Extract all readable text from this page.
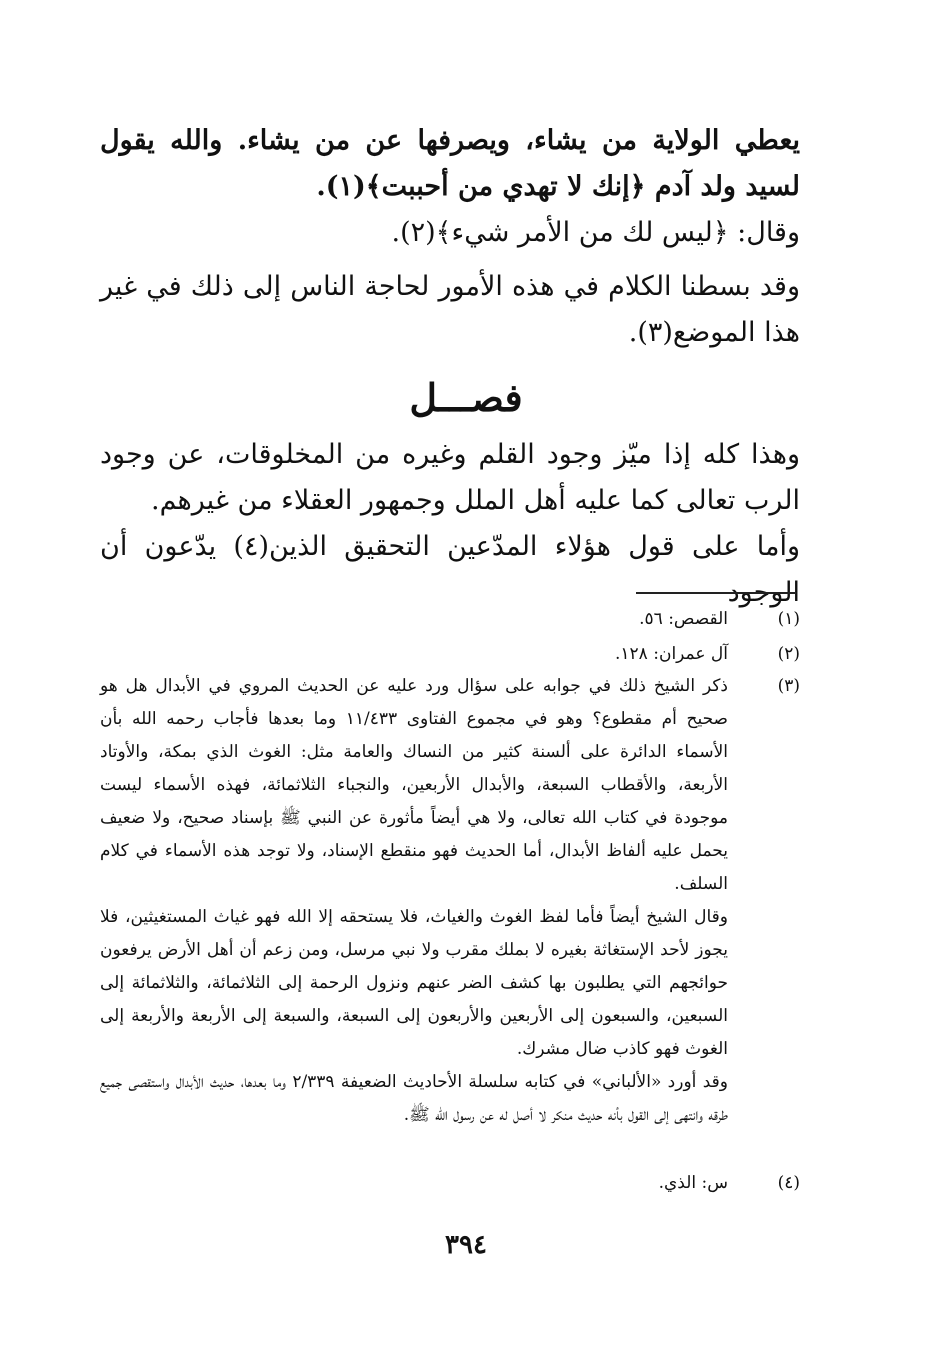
يعطي الولاية من يشاء، ويصرفها عن من يشاء. والله يقول لسيد ولد آدم ﴿إنك لا تهدي من أحببت﴾(١).
وقال: ﴿ليس لك من الأمر شيء﴾(٢).
وقد بسطنا الكلام في هذه الأمور لحاجة الناس إلى ذلك في غير هذا الموضع(٣).
فصـــل
وهذا كله إذا ميّز وجود القلم وغيره من المخلوقات، عن وجود الرب تعالى كما عليه أهل الملل وجمهور العقلاء من غيرهم.
وأما على قول هؤلاء المدّعين التحقيق الذين(٤) يدّعون أن الوجود
(١)

القصص: ٥٦.

(٢)

آل عمران: ١٢٨.

(٣)

ذكر الشيخ ذلك في جوابه على سؤال ورد عليه عن الحديث المروي في الأبدال هل هو صحيح أم مقطوع؟ وهو في مجموع الفتاوى ١١/٤٣٣ وما بعدها فأجاب رحمه الله بأن الأسماء الدائرة على ألسنة كثير من النساك والعامة مثل: الغوث الذي بمكة، والأوتاد الأربعة، والأقطاب السبعة، والأبدال الأربعين، والنجباء الثلاثمائة، فهذه الأسماء ليست موجودة في كتاب الله تعالى، ولا هي أيضاً مأثورة عن النبي ﷺ بإسناد صحيح، ولا ضعيف يحمل عليه ألفاظ الأبدال، أما الحديث فهو منقطع الإسناد، ولا توجد هذه الأسماء في كلام السلف.

وقال الشيخ أيضاً فأما لفظ الغوث والغياث، فلا يستحقه إلا الله فهو غياث المستغيثين، فلا يجوز لأحد الإستغاثة بغيره لا بملك مقرب ولا نبي مرسل، ومن زعم أن أهل الأرض يرفعون حوائجهم التي يطلبون بها كشف الضر عنهم ونزول الرحمة إلى الثلاثمائة، والثلاثمائة إلى السبعين، والسبعون إلى الأربعين والأربعون إلى السبعة، والسبعة إلى الأربعة والأربعة إلى الغوث فهو كاذب ضال مشرك.

وقد أورد «الألباني» في كتابه سلسلة الأحاديث الضعيفة ٢/٣٣٩ وما بعدها، حديث الأبدال واستقصى جميع طرقه وانتهى إلى القول بأنه حديث منكر لا أصل له عن رسول الله ﷺ.

(٤)

س: الذي.

٣٩٤
